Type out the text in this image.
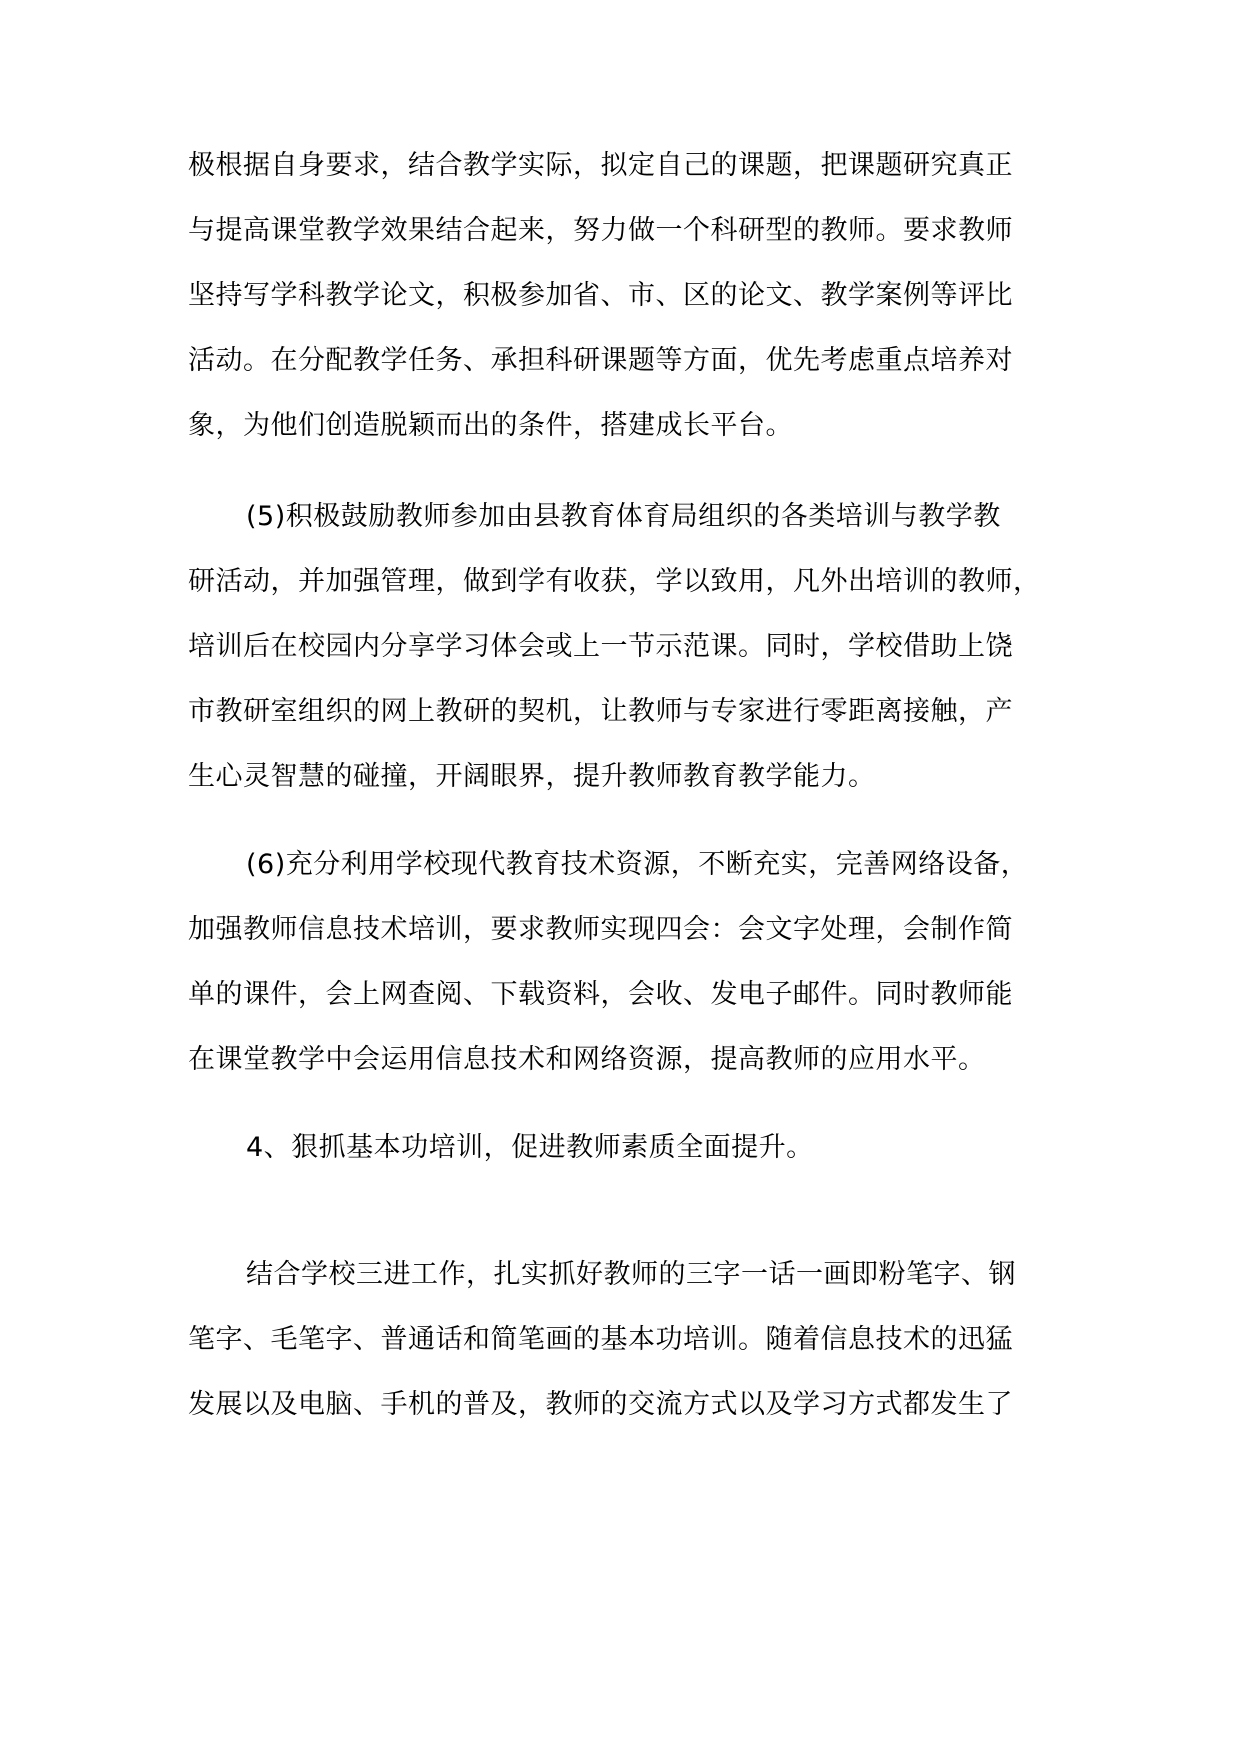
极根据自身要求，结合教学实际，拟定自己的课题，把课题研究真正
与提高课堂教学效果结合起来，努力做一个科研型的教师。要求教师
坚持写学科教学论文，积极参加省、市、区的论文、教学案例等评比
活动。在分配教学任务、承担科研课题等方面，优先考虑重点培养对
象，为他们创造脱颖而出的条件，搭建成长平台。
(5)积极鼓励教师参加由县教育体育局组织的各类培训与教学教
研活动，并加强管理，做到学有收获，学以致用，凡外出培训的教师，
培训后在校园内分享学习体会或上一节示范课。同时，学校借助上饶
市教研室组织的网上教研的契机，让教师与专家进行零距离接触，产
生心灵智慧的碰撞，开阔眼界，提升教师教育教学能力。
(6)充分利用学校现代教育技术资源，不断充实，完善网络设备，
加强教师信息技术培训，要求教师实现四会：会文字处理，会制作简
单的课件，会上网查阅、下载资料，会收、发电子邮件。同时教师能
在课堂教学中会运用信息技术和网络资源，提高教师的应用水平。
4、狠抓基本功培训，促进教师素质全面提升。
结合学校三进工作，扎实抓好教师的三字一话一画即粉笔字、钢
笔字、毛笔字、普通话和简笔画的基本功培训。随着信息技术的迅猛
发展以及电脑、手机的普及，教师的交流方式以及学习方式都发生了
